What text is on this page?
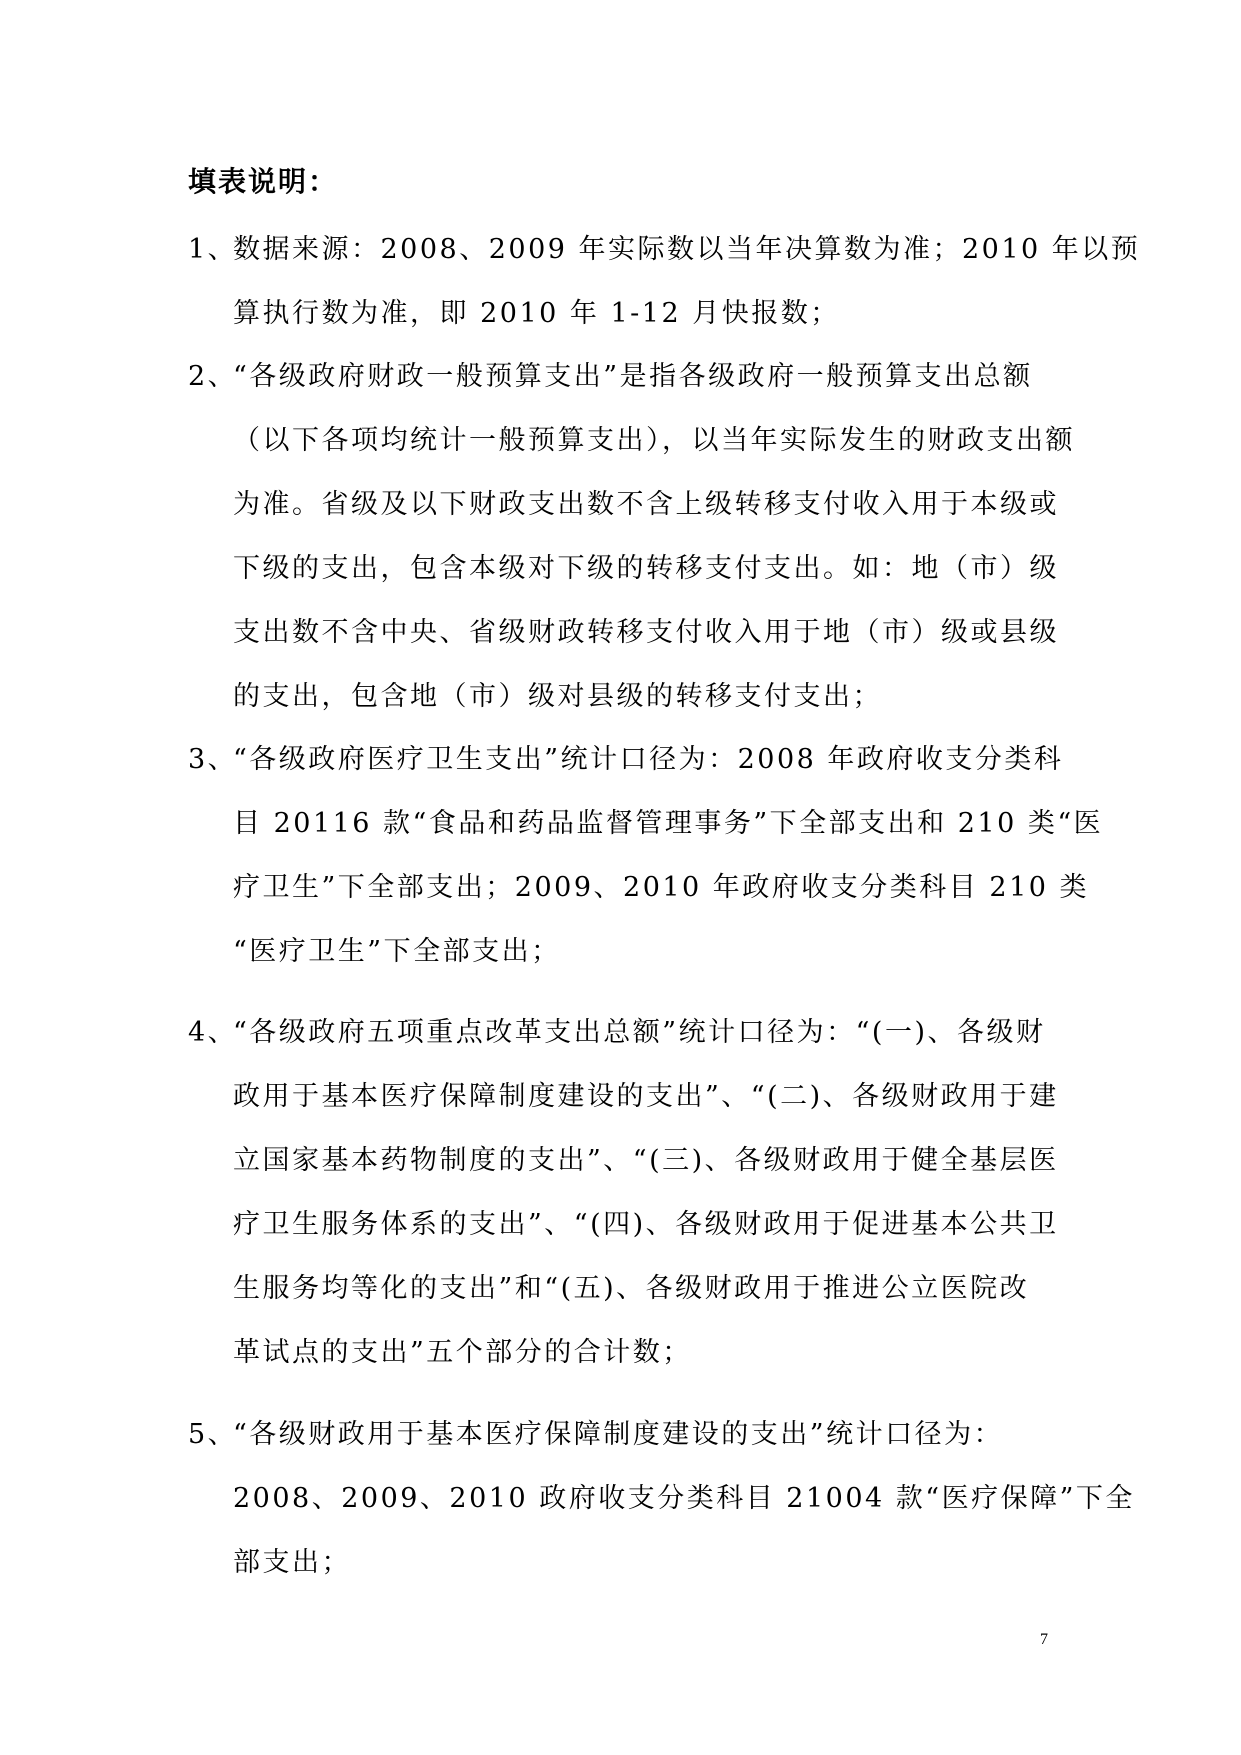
填表说明：
1、
数据来源：2008、2009 年实际数以当年决算数为准；2010 年以预
算执行数为准，即 2010 年 1-12 月快报数；
2、
“各级政府财政一般预算支出”是指各级政府一般预算支出总额
（以下各项均统计一般预算支出），以当年实际发生的财政支出额
为准。省级及以下财政支出数不含上级转移支付收入用于本级或
下级的支出，包含本级对下级的转移支付支出。如：地（市）级
支出数不含中央、省级财政转移支付收入用于地（市）级或县级
的支出，包含地（市）级对县级的转移支付支出；
3、
“各级政府医疗卫生支出”统计口径为：2008 年政府收支分类科
目 20116 款“食品和药品监督管理事务”下全部支出和 210 类“医
疗卫生”下全部支出；2009、2010 年政府收支分类科目 210 类
“医疗卫生”下全部支出；
4、
“各级政府五项重点改革支出总额”统计口径为：“(一)、各级财
政用于基本医疗保障制度建设的支出”、“(二)、各级财政用于建
立国家基本药物制度的支出”、“(三)、各级财政用于健全基层医
疗卫生服务体系的支出”、“(四)、各级财政用于促进基本公共卫
生服务均等化的支出”和“(五)、各级财政用于推进公立医院改
革试点的支出”五个部分的合计数；
5、
“各级财政用于基本医疗保障制度建设的支出”统计口径为：
2008、2009、2010 政府收支分类科目 21004 款“医疗保障”下全
部支出；
7
